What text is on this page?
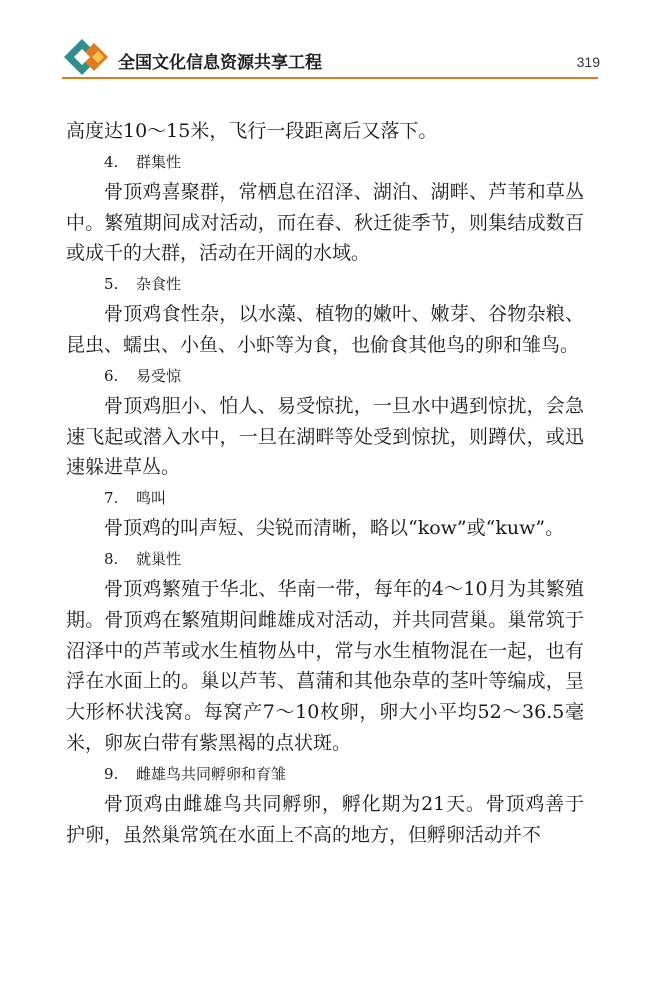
全国文化信息资源共享工程	319

高度达10～15米，飞行一段距离后又落下。

4. 群集性

骨顶鸡喜聚群，常栖息在沼泽、湖泊、湖畔、芦苇和草丛中。繁殖期间成对活动，而在春、秋迁徙季节，则集结成数百或成千的大群，活动在开阔的水域。

5. 杂食性

骨顶鸡食性杂，以水藻、植物的嫩叶、嫩芽、谷物杂粮、昆虫、蠕虫、小鱼、小虾等为食，也偷食其他鸟的卵和雏鸟。

6. 易受惊

骨顶鸡胆小、怕人、易受惊扰，一旦水中遇到惊扰，会急速飞起或潜入水中，一旦在湖畔等处受到惊扰，则蹲伏，或迅速躲进草丛。

7. 鸣叫

骨顶鸡的叫声短、尖锐而清晰，略以“kow”或“kuw”。

8. 就巢性

骨顶鸡繁殖于华北、华南一带，每年的4～10月为其繁殖期。骨顶鸡在繁殖期间雌雄成对活动，并共同营巢。巢常筑于沼泽中的芦苇或水生植物丛中，常与水生植物混在一起，也有浮在水面上的。巢以芦苇、菖蒲和其他杂草的茎叶等编成，呈大形杯状浅窝。每窝产7～10枚卵，卵大小平均52～36.5毫米，卵灰白带有紫黑褐的点状斑。

9. 雌雄鸟共同孵卵和育雏

骨顶鸡由雌雄鸟共同孵卵，孵化期为21天。骨顶鸡善于护卵，虽然巢常筑在水面上不高的地方，但孵卵活动并不
